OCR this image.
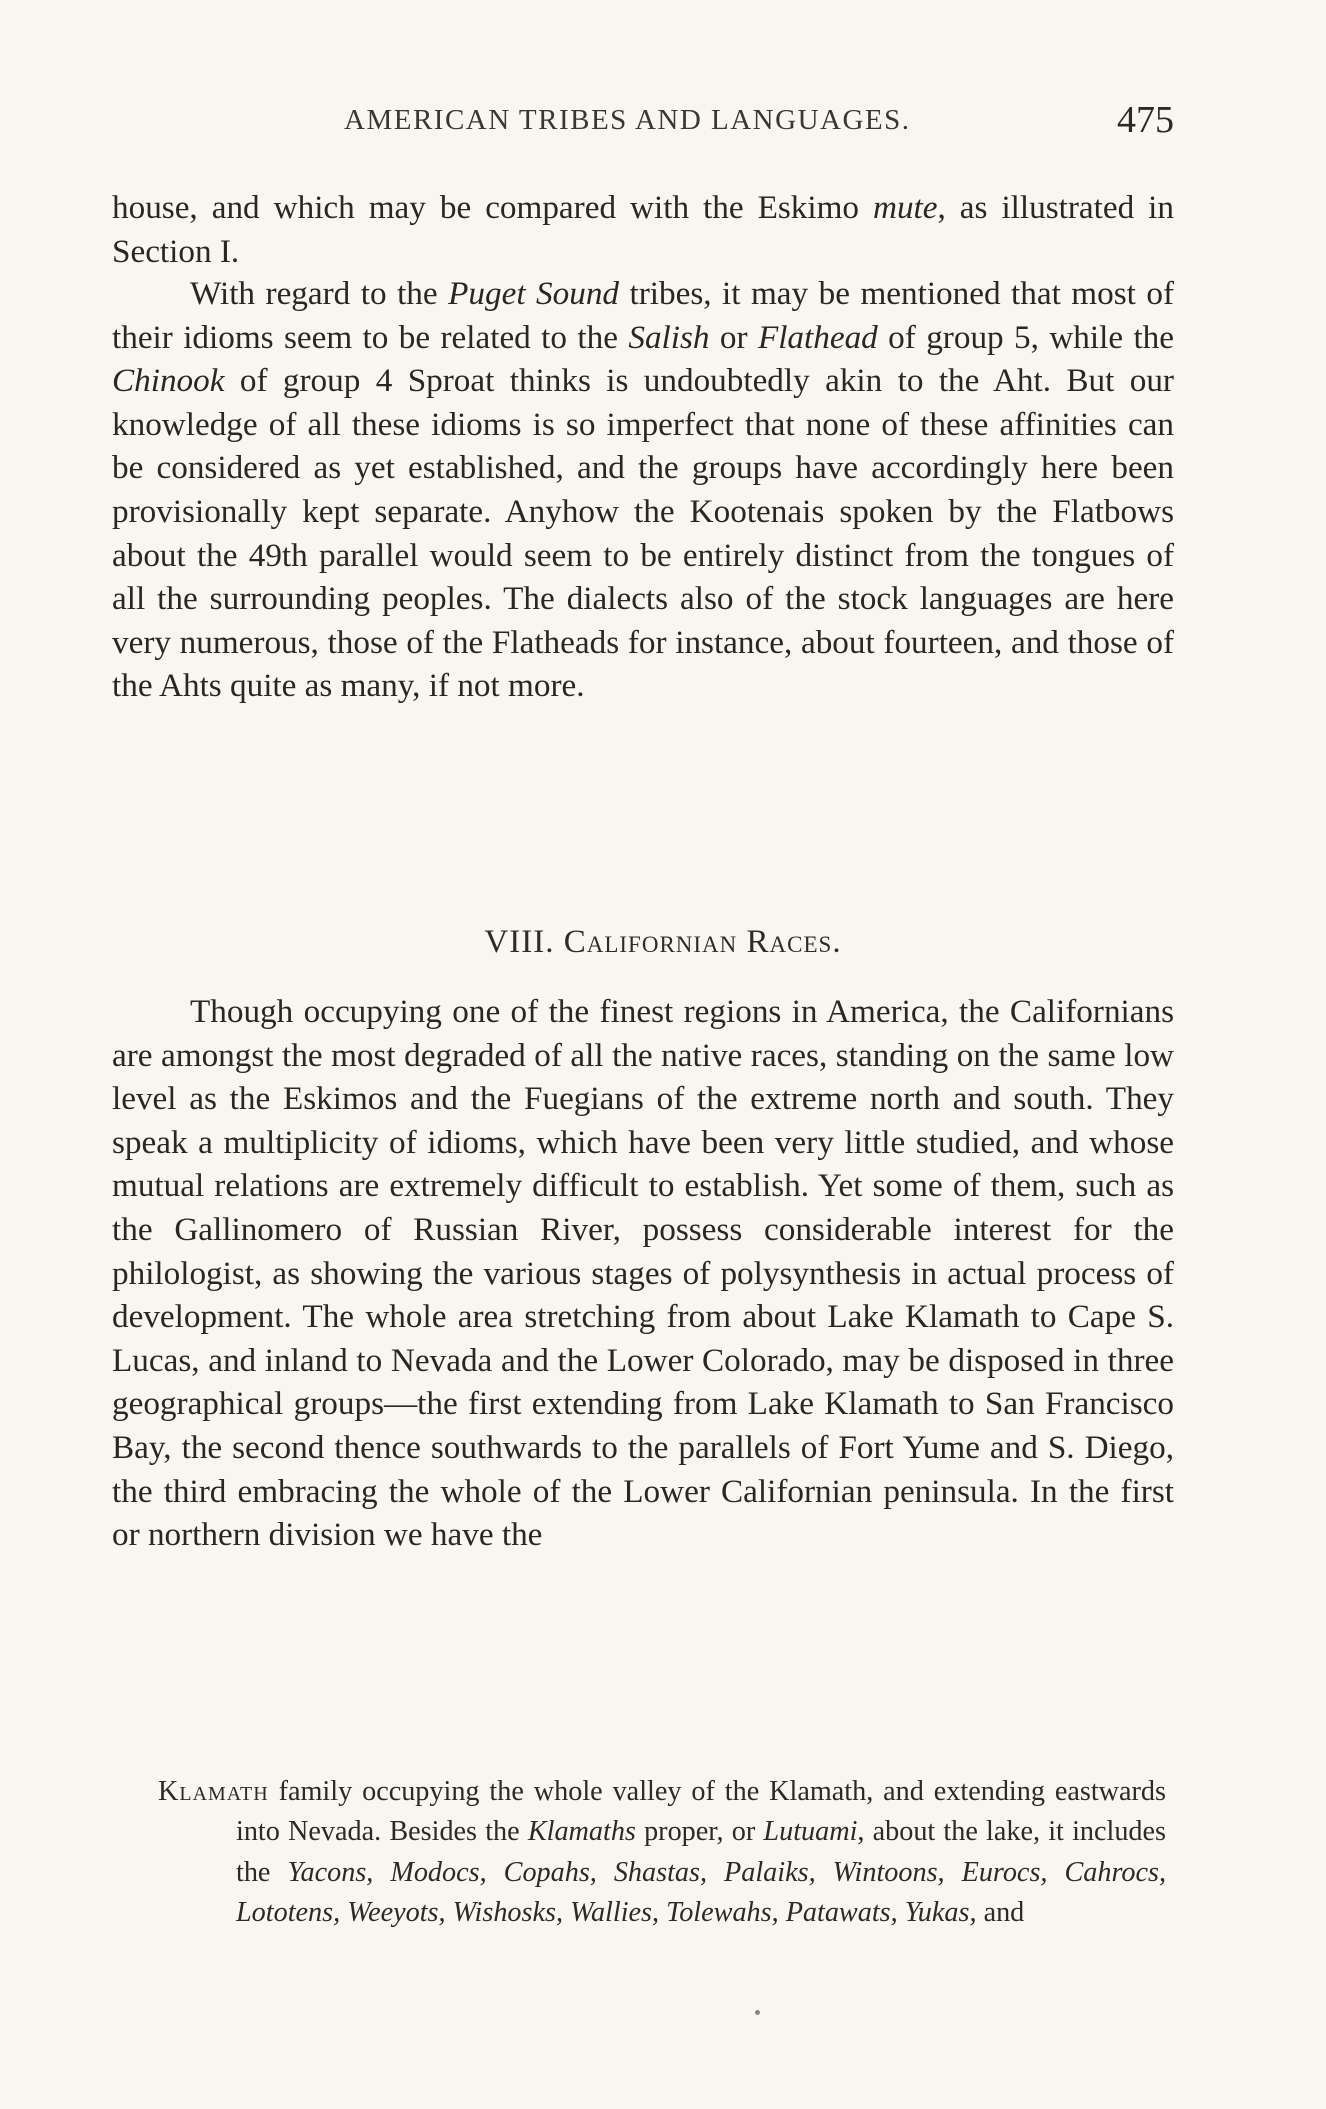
AMERICAN TRIBES AND LANGUAGES.	475

house, and which may be compared with the Eskimo mute, as illustrated in Section I.

With regard to the Puget Sound tribes, it may be mentioned that most of their idioms seem to be related to the Salish or Flathead of group 5, while the Chinook of group 4 Sproat thinks is undoubtedly akin to the Aht. But our knowledge of all these idioms is so imperfect that none of these affinities can be considered as yet established, and the groups have accordingly here been provisionally kept separate. Anyhow the Kootenais spoken by the Flatbows about the 49th parallel would seem to be entirely distinct from the tongues of all the surrounding peoples. The dialects also of the stock languages are here very numerous, those of the Flatheads for instance, about fourteen, and those of the Ahts quite as many, if not more.

VIII. Californian Races.

Though occupying one of the finest regions in America, the Californians are amongst the most degraded of all the native races, standing on the same low level as the Eskimos and the Fuegians of the extreme north and south. They speak a multiplicity of idioms, which have been very little studied, and whose mutual relations are extremely difficult to establish. Yet some of them, such as the Gallinomero of Russian River, possess considerable interest for the philologist, as showing the various stages of polysynthesis in actual process of development. The whole area stretching from about Lake Klamath to Cape S. Lucas, and inland to Nevada and the Lower Colorado, may be disposed in three geographical groups—the first extending from Lake Klamath to San Francisco Bay, the second thence southwards to the parallels of Fort Yume and S. Diego, the third embracing the whole of the Lower Californian peninsula. In the first or northern division we have the

Klamath family occupying the whole valley of the Klamath, and extending eastwards into Nevada. Besides the Klamaths proper, or Lutuami, about the lake, it includes the Yacons, Modocs, Copahs, Shastas, Palaiks, Wintoons, Eurocs, Cahrocs, Lototens, Weeyots, Wishosks, Wallies, Tolewahs, Patawats, Yukas, and
